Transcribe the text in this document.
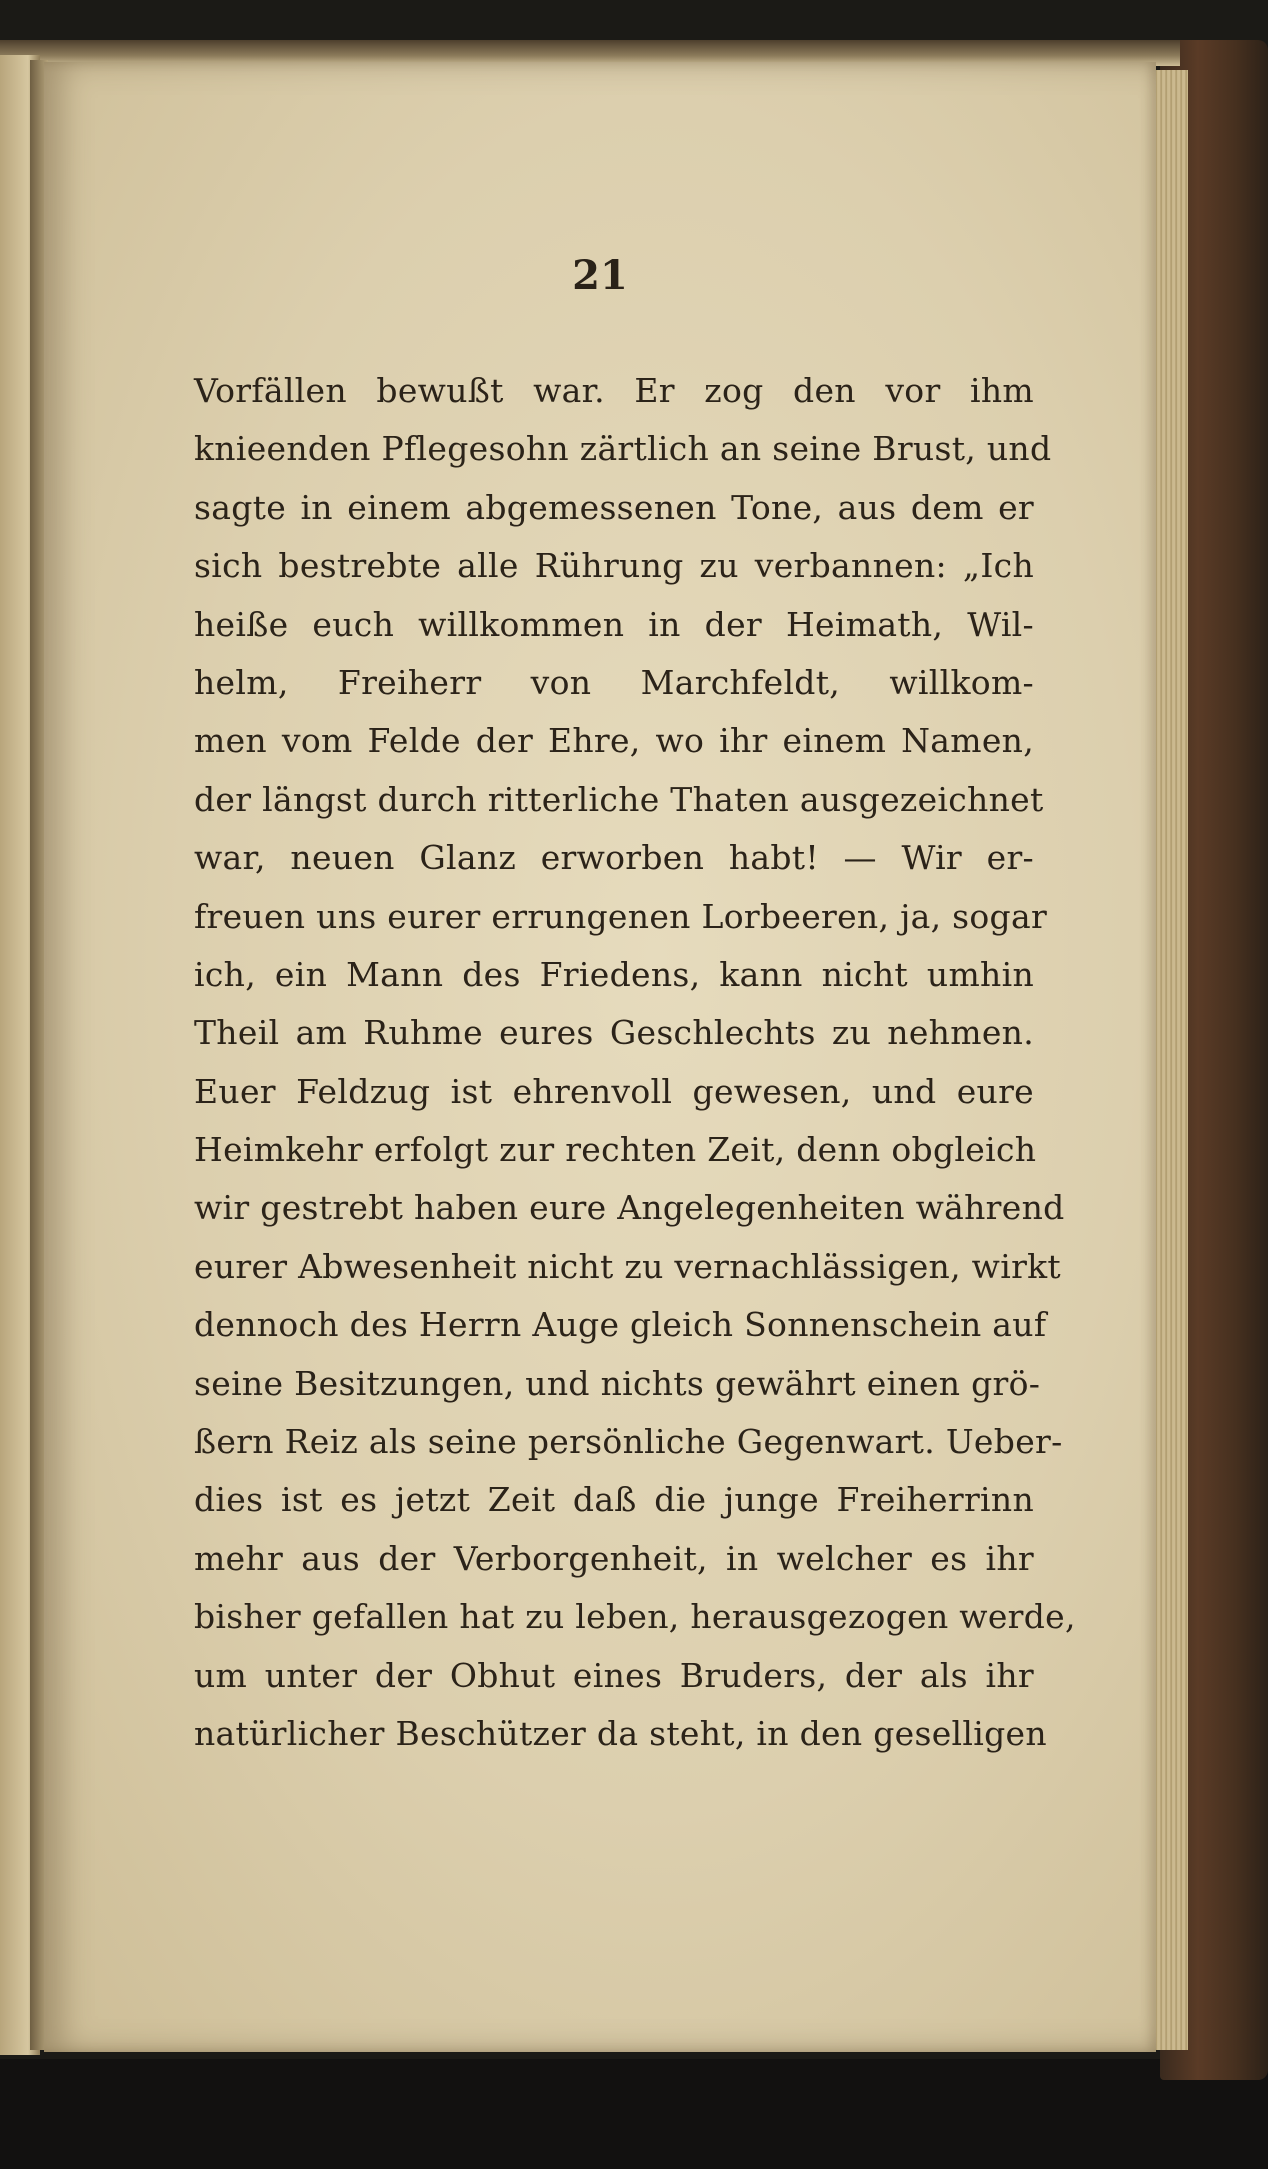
21
Vorfällen bewußt war. Er zog den vor ihm
knieenden Pflegesohn zärtlich an seine Brust, und
sagte in einem abgemessenen Tone, aus dem er
sich bestrebte alle Rührung zu verbannen: „Ich
heiße euch willkommen in der Heimath, Wil-
helm, Freiherr von Marchfeldt, willkom-
men vom Felde der Ehre, wo ihr einem Namen,
der längst durch ritterliche Thaten ausgezeichnet
war, neuen Glanz erworben habt! — Wir er-
freuen uns eurer errungenen Lorbeeren, ja, sogar
ich, ein Mann des Friedens, kann nicht umhin
Theil am Ruhme eures Geschlechts zu nehmen.
Euer Feldzug ist ehrenvoll gewesen, und eure
Heimkehr erfolgt zur rechten Zeit, denn obgleich
wir gestrebt haben eure Angelegenheiten während
eurer Abwesenheit nicht zu vernachlässigen, wirkt
dennoch des Herrn Auge gleich Sonnenschein auf
seine Besitzungen, und nichts gewährt einen grö-
ßern Reiz als seine persönliche Gegenwart. Ueber-
dies ist es jetzt Zeit daß die junge Freiherrinn
mehr aus der Verborgenheit, in welcher es ihr
bisher gefallen hat zu leben, herausgezogen werde,
um unter der Obhut eines Bruders, der als ihr
natürlicher Beschützer da steht, in den geselligen
